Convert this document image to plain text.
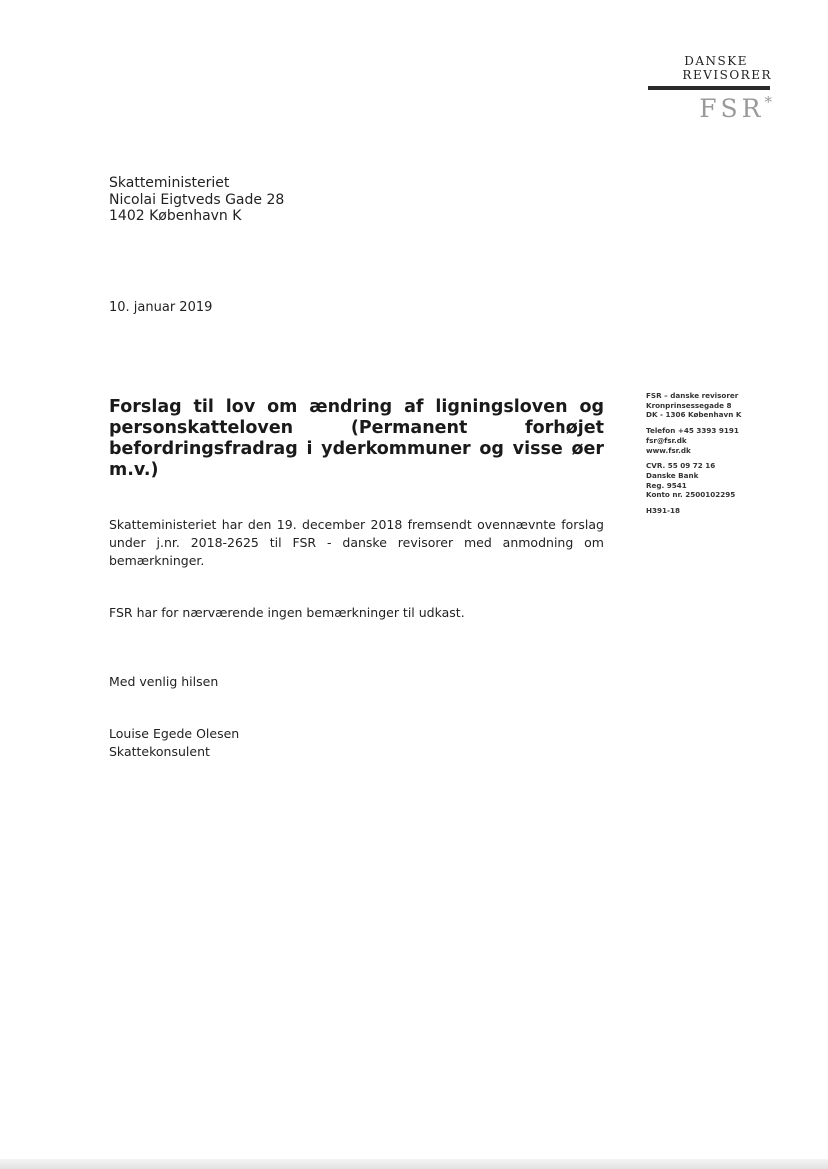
DANSKE
REVISORER
FSR*
Skatteministeriet
Nicolai Eigtveds Gade 28
1402 København K
10. januar 2019
Forslag til lov om ændring af ligningsloven og personskatteloven (Permanent forhøjet befordringsfradrag i yderkommuner og visse øer m.v.)

Skatteministeriet har den 19. december 2018 fremsendt ovennævnte forslag under j.nr. 2018-2625 til FSR - danske revisorer med anmodning om bemærkninger.

FSR har for nærværende ingen bemærkninger til udkast.

Med venlig hilsen
Louise Egede Olesen
Skattekonsulent
FSR – danske revisorer
Kronprinsessegade 8
DK - 1306 København K
Telefon +45 3393 9191
fsr@fsr.dk
www.fsr.dk
CVR. 55 09 72 16
Danske Bank
Reg. 9541
Konto nr. 2500102295
H391-18
